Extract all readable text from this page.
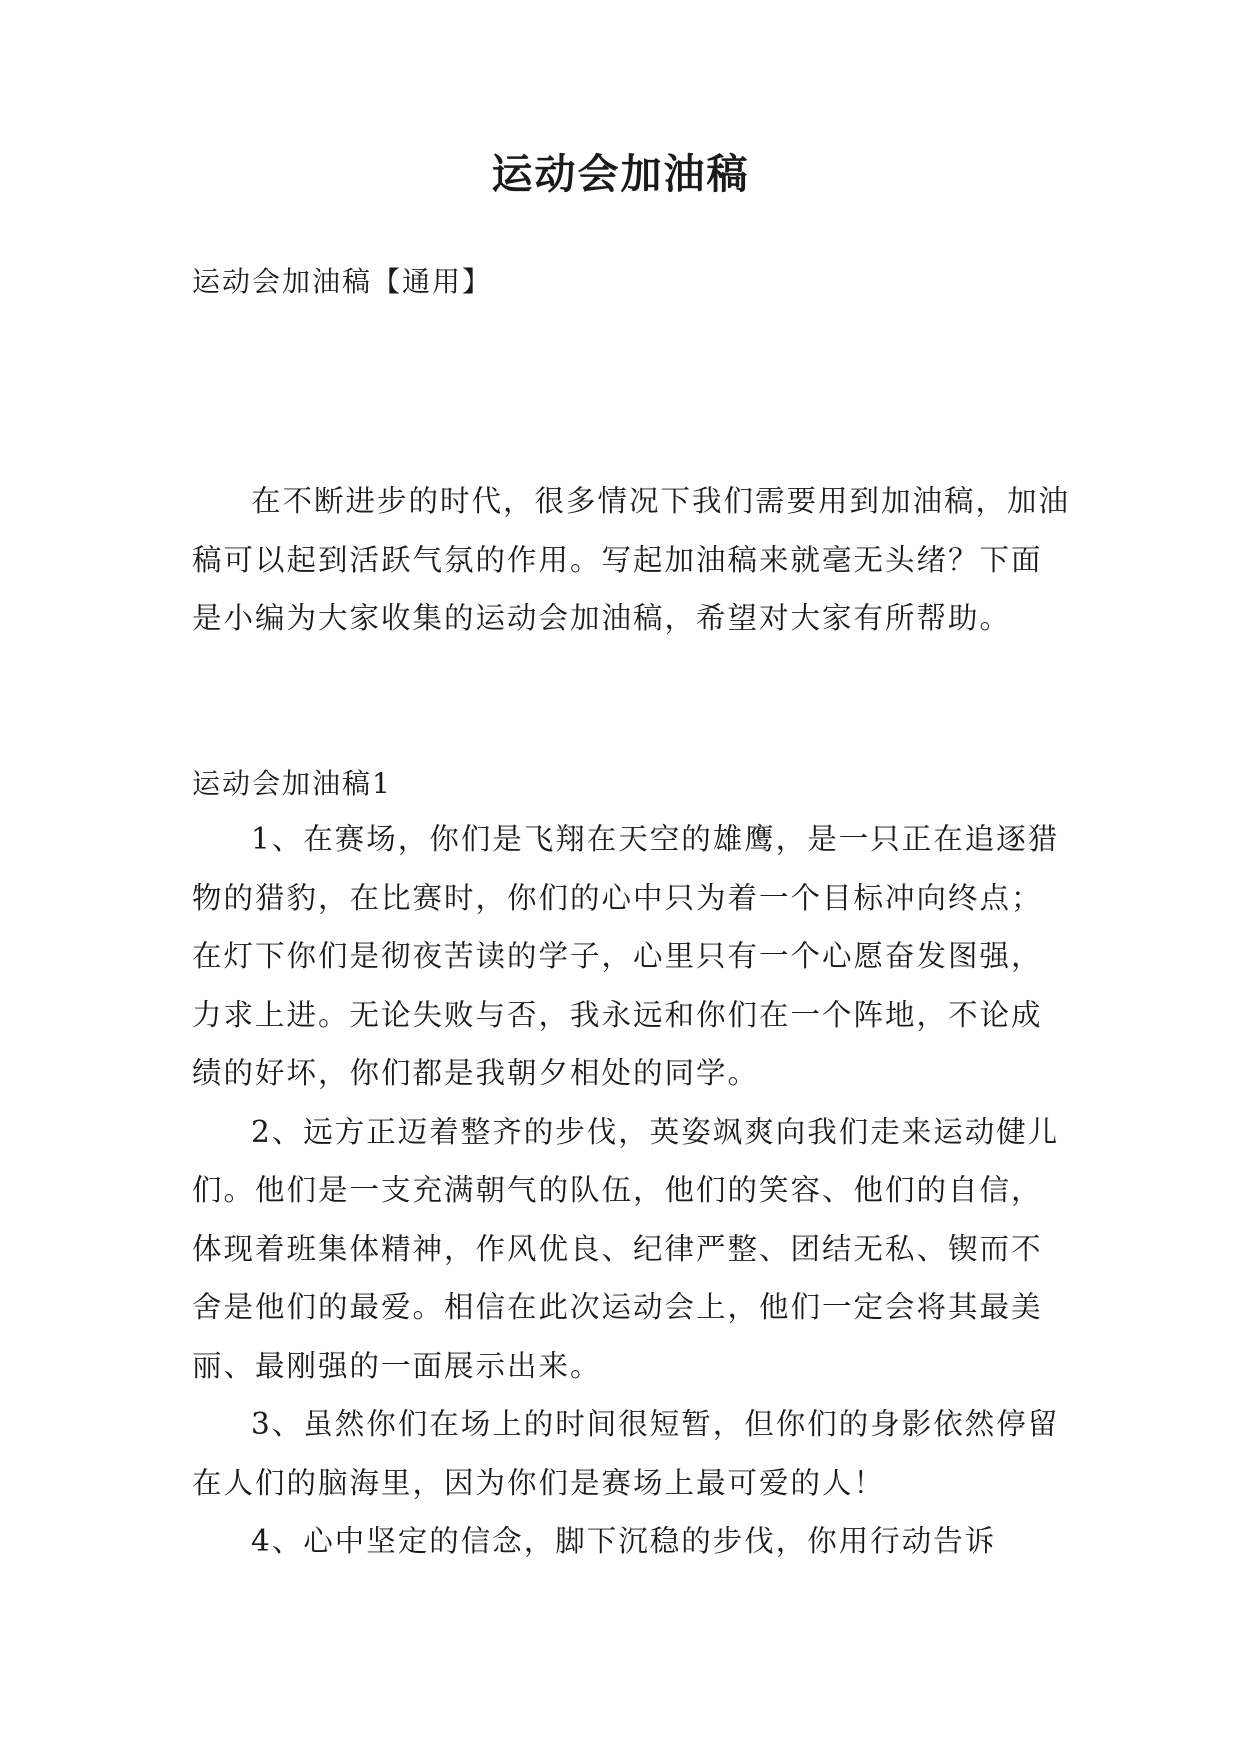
运动会加油稿

运动会加油稿【通用】

在不断进步的时代，很多情况下我们需要用到加油稿，加油稿可以起到活跃气氛的作用。写起加油稿来就毫无头绪？下面是小编为大家收集的运动会加油稿，希望对大家有所帮助。

运动会加油稿1

1、在赛场，你们是飞翔在天空的雄鹰，是一只正在追逐猎物的猎豹，在比赛时，你们的心中只为着一个目标冲向终点；在灯下你们是彻夜苦读的学子，心里只有一个心愿奋发图强，力求上进。无论失败与否，我永远和你们在一个阵地，不论成绩的好坏，你们都是我朝夕相处的同学。

2、远方正迈着整齐的步伐，英姿飒爽向我们走来运动健儿们。他们是一支充满朝气的队伍，他们的笑容、他们的自信，体现着班集体精神，作风优良、纪律严整、团结无私、锲而不舍是他们的最爱。相信在此次运动会上，他们一定会将其最美丽、最刚强的一面展示出来。

3、虽然你们在场上的时间很短暂，但你们的身影依然停留在人们的脑海里，因为你们是赛场上最可爱的人！

4、心中坚定的信念，脚下沉稳的步伐，你用行动告诉
